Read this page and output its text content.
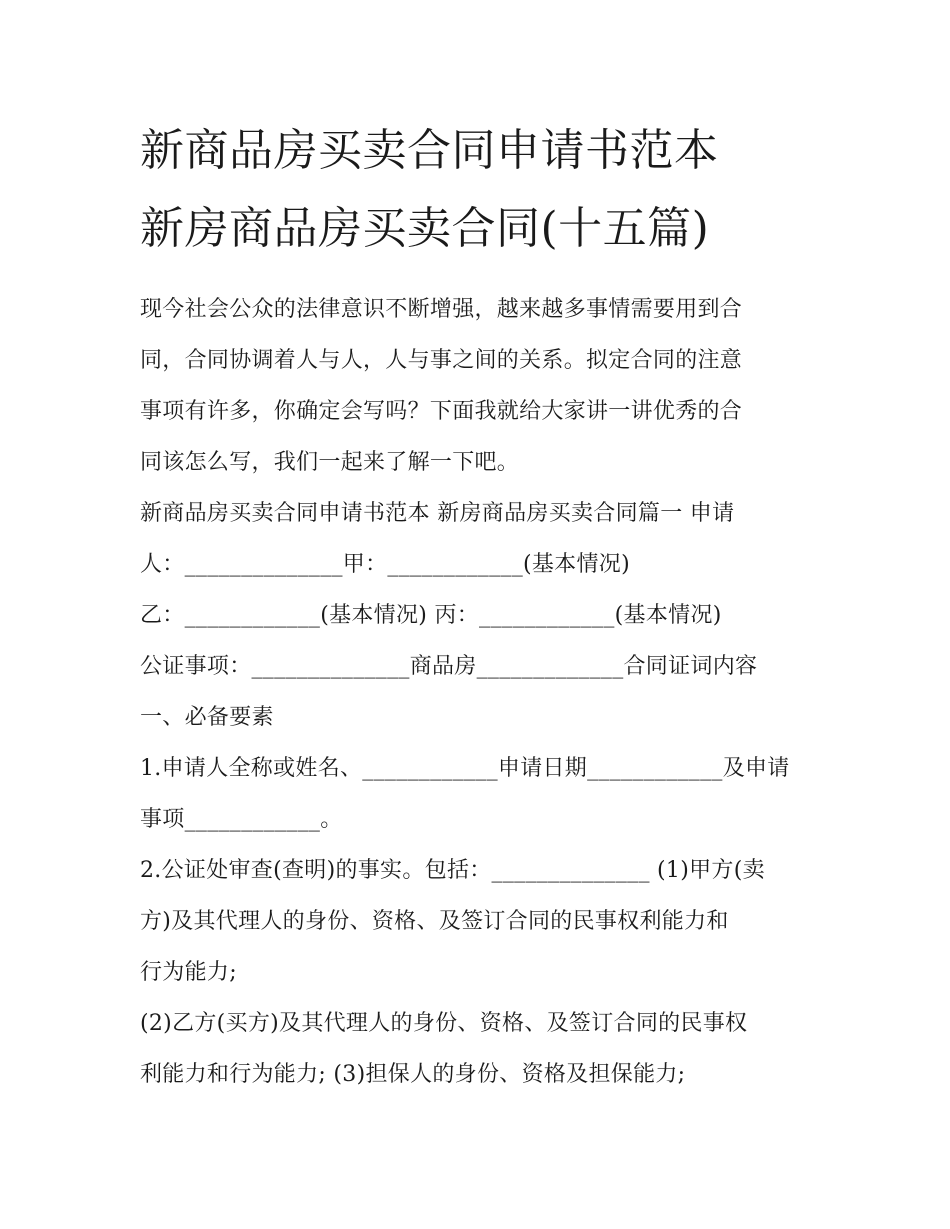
新商品房买卖合同申请书范本

新房商品房买卖合同(十五篇)

现今社会公众的法律意识不断增强，越来越多事情需要用到合

同，合同协调着人与人，人与事之间的关系。拟定合同的注意

事项有许多，你确定会写吗？下面我就给大家讲一讲优秀的合

同该怎么写，我们一起来了解一下吧。

新商品房买卖合同申请书范本 新房商品房买卖合同篇一 申请

人：______________甲：____________(基本情况)

乙：____________(基本情况) 丙：____________(基本情况)

公证事项：______________商品房_____________合同证词内容

一、必备要素

1.申请人全称或姓名、____________申请日期____________及申请

事项____________。

2.公证处审查(查明)的事实。包括：______________ (1)甲方(卖

方)及其代理人的身份、资格、及签订合同的民事权利能力和

行为能力;

(2)乙方(买方)及其代理人的身份、资格、及签订合同的民事权

利能力和行为能力; (3)担保人的身份、资格及担保能力;
